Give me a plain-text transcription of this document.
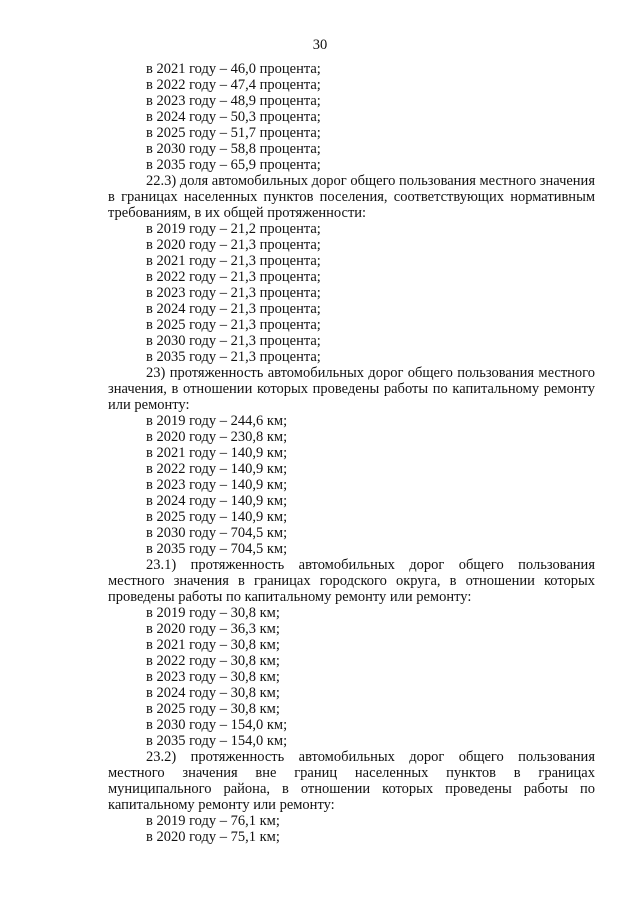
30

в 2021 году – 46,0 процента;

в 2022 году – 47,4 процента;

в 2023 году – 48,9 процента;

в 2024 году – 50,3 процента;

в 2025 году – 51,7 процента;

в 2030 году – 58,8 процента;

в 2035 году – 65,9 процента;

22.3) доля автомобильных дорог общего пользования местного значения в границах населенных пунктов поселения, соответствующих нормативным требованиям, в их общей протяженности:

в 2019 году – 21,2 процента;

в 2020 году – 21,3 процента;

в 2021 году – 21,3 процента;

в 2022 году – 21,3 процента;

в 2023 году – 21,3 процента;

в 2024 году – 21,3 процента;

в 2025 году – 21,3 процента;

в 2030 году – 21,3 процента;

в 2035 году – 21,3 процента;

23) протяженность автомобильных дорог общего пользования местного значения, в отношении которых проведены работы по капитальному ремонту или ремонту:

в 2019 году – 244,6 км;

в 2020 году – 230,8 км;

в 2021 году – 140,9 км;

в 2022 году – 140,9 км;

в 2023 году – 140,9 км;

в 2024 году – 140,9 км;

в 2025 году – 140,9 км;

в 2030 году – 704,5 км;

в 2035 году – 704,5 км;

23.1) протяженность автомобильных дорог общего пользования местного значения в границах городского округа, в отношении которых проведены работы по капитальному ремонту или ремонту:

в 2019 году – 30,8 км;

в 2020 году – 36,3 км;

в 2021 году – 30,8 км;

в 2022 году – 30,8 км;

в 2023 году – 30,8 км;

в 2024 году – 30,8 км;

в 2025 году – 30,8 км;

в 2030 году – 154,0 км;

в 2035 году – 154,0 км;

23.2) протяженность автомобильных дорог общего пользования местного значения вне границ населенных пунктов в границах муниципального района, в отношении которых проведены работы по капитальному ремонту или ремонту:

в 2019 году – 76,1 км;

в 2020 году – 75,1 км;
